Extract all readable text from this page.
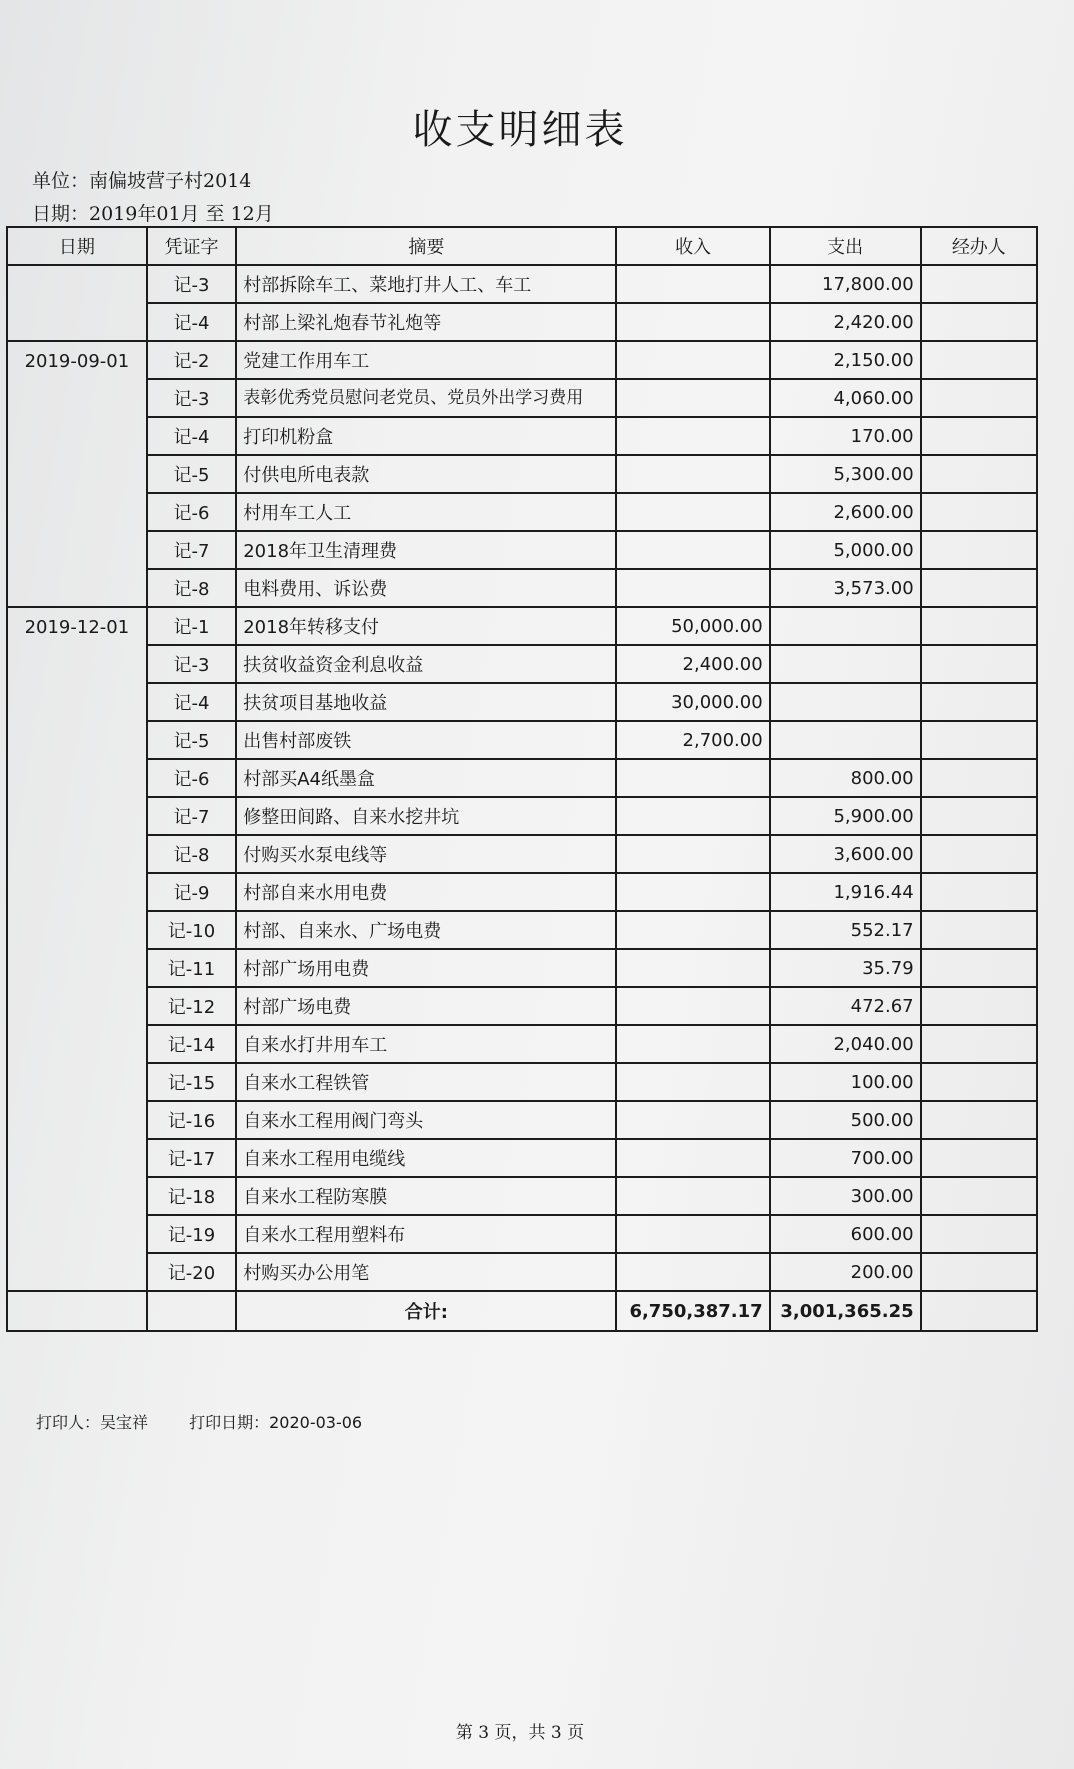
收支明细表
单位：南偏坡营子村2014
日期：2019年01月 至 12月
日期	凭证字	摘要	收入	支出	经办人
	记-3	村部拆除车工、菜地打井人工、车工		17,800.00	
	记-4	村部上梁礼炮春节礼炮等		2,420.00	
2019-09-01	记-2	党建工作用车工		2,150.00	
	记-3	表彰优秀党员慰问老党员、党员外出学习费用		4,060.00	
	记-4	打印机粉盒		170.00	
	记-5	付供电所电表款		5,300.00	
	记-6	村用车工人工		2,600.00	
	记-7	2018年卫生清理费		5,000.00	
	记-8	电料费用、诉讼费		3,573.00	
2019-12-01	记-1	2018年转移支付	50,000.00		
	记-3	扶贫收益资金利息收益	2,400.00		
	记-4	扶贫项目基地收益	30,000.00		
	记-5	出售村部废铁	2,700.00		
	记-6	村部买A4纸墨盒		800.00	
	记-7	修整田间路、自来水挖井坑		5,900.00	
	记-8	付购买水泵电线等		3,600.00	
	记-9	村部自来水用电费		1,916.44	
	记-10	村部、自来水、广场电费		552.17	
	记-11	村部广场用电费		35.79	
	记-12	村部广场电费		472.67	
	记-14	自来水打井用车工		2,040.00	
	记-15	自来水工程铁管		100.00	
	记-16	自来水工程用阀门弯头		500.00	
	记-17	自来水工程用电缆线		700.00	
	记-18	自来水工程防寒膜		300.00	
	记-19	自来水工程用塑料布		600.00	
	记-20	村购买办公用笔		200.00	
		合计:	6,750,387.17	3,001,365.25	
打印人：吴宝祥	打印日期：2020-03-06
第 3 页，共 3 页
